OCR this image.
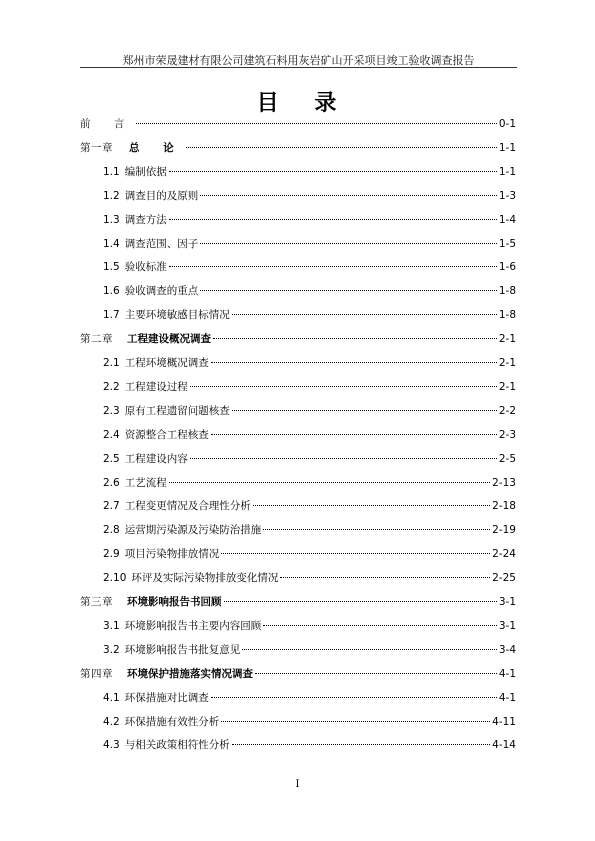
郑州市荣晟建材有限公司建筑石料用灰岩矿山开采项目竣工验收调查报告
目 录
前 言	0-1
第一章 总 论	1-1
1.1 编制依据	1-1
1.2 调查目的及原则	1-3
1.3 调查方法	1-4
1.4 调查范围、因子	1-5
1.5 验收标准	1-6
1.6 验收调查的重点	1-8
1.7 主要环境敏感目标情况	1-8
第二章 工程建设概况调查	2-1
2.1 工程环境概况调查	2-1
2.2 工程建设过程	2-1
2.3 原有工程遗留问题核查	2-2
2.4 资源整合工程核查	2-3
2.5 工程建设内容	2-5
2.6 工艺流程	2-13
2.7 工程变更情况及合理性分析	2-18
2.8 运营期污染源及污染防治措施	2-19
2.9 项目污染物排放情况	2-24
2.10 环评及实际污染物排放变化情况	2-25
第三章 环境影响报告书回顾	3-1
3.1 环境影响报告书主要内容回顾	3-1
3.2 环境影响报告书批复意见	3-4
第四章 环境保护措施落实情况调查	4-1
4.1 环保措施对比调查	4-1
4.2 环保措施有效性分析	4-11
4.3 与相关政策相符性分析	4-14
I
